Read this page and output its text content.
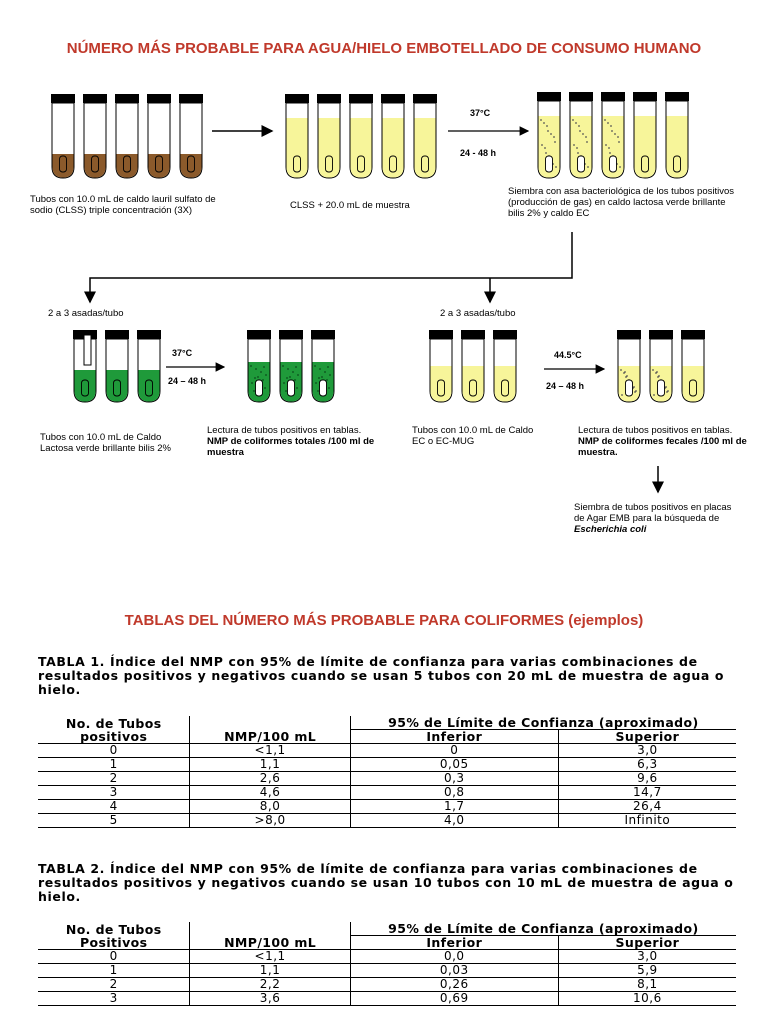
NÚMERO MÁS PROBABLE PARA AGUA/HIELO EMBOTELLADO DE CONSUMO HUMANO
Tubos con 10.0 mL de caldo lauril sulfato de sodio (CLSS) triple concentración (3X)	CLSS + 20.0 mL de muestra
Siembra con asa bacteriológica de los tubos positivos (producción de gas) en caldo lactosa verde brillante bilis 2% y caldo EC
37°C
24 - 48 h
2 a 3 asadas/tubo	2 a 3 asadas/tubo
37°C
24 – 48 h
44.5°C
24 – 48 h
Tubos con 10.0 mL de Caldo Lactosa verde brillante bilis 2%
Lectura de tubos positivos en tablas. NMP de coliformes totales /100 ml de muestra
Tubos con 10.0 mL de Caldo EC o EC-MUG
Lectura de tubos positivos en tablas. NMP de coliformes fecales /100 ml de muestra.
Siembra de tubos positivos en placas de Agar EMB para la búsqueda de Escherichia coli
TABLAS DEL NÚMERO MÁS PROBABLE PARA COLIFORMES (ejemplos)
TABLA 1. Índice del NMP con 95% de límite de confianza para varias combinaciones de resultados positivos y negativos cuando se usan 5 tubos con 20 mL de muestra de agua o hielo.
No. de Tubos positivos	NMP/100 mL	95% de Límite de Confianza (aproximado)	
		Inferior	Superior
0	<1,1	0	3,0
1	1,1	0,05	6,3
2	2,6	0,3	9,6
3	4,6	0,8	14,7
4	8,0	1,7	26,4
5	>8,0	4,0	Infinito
TABLA 2. Índice del NMP con 95% de límite de confianza para varias combinaciones de resultados positivos y negativos cuando se usan 10 tubos con 10 mL de muestra de agua o hielo.
No. de Tubos Positivos	NMP/100 mL	95% de Límite de Confianza (aproximado)	
		Inferior	Superior
0	<1,1	0,0	3,0
1	1,1	0,03	5,9
2	2,2	0,26	8,1
3	3,6	0,69	10,6
